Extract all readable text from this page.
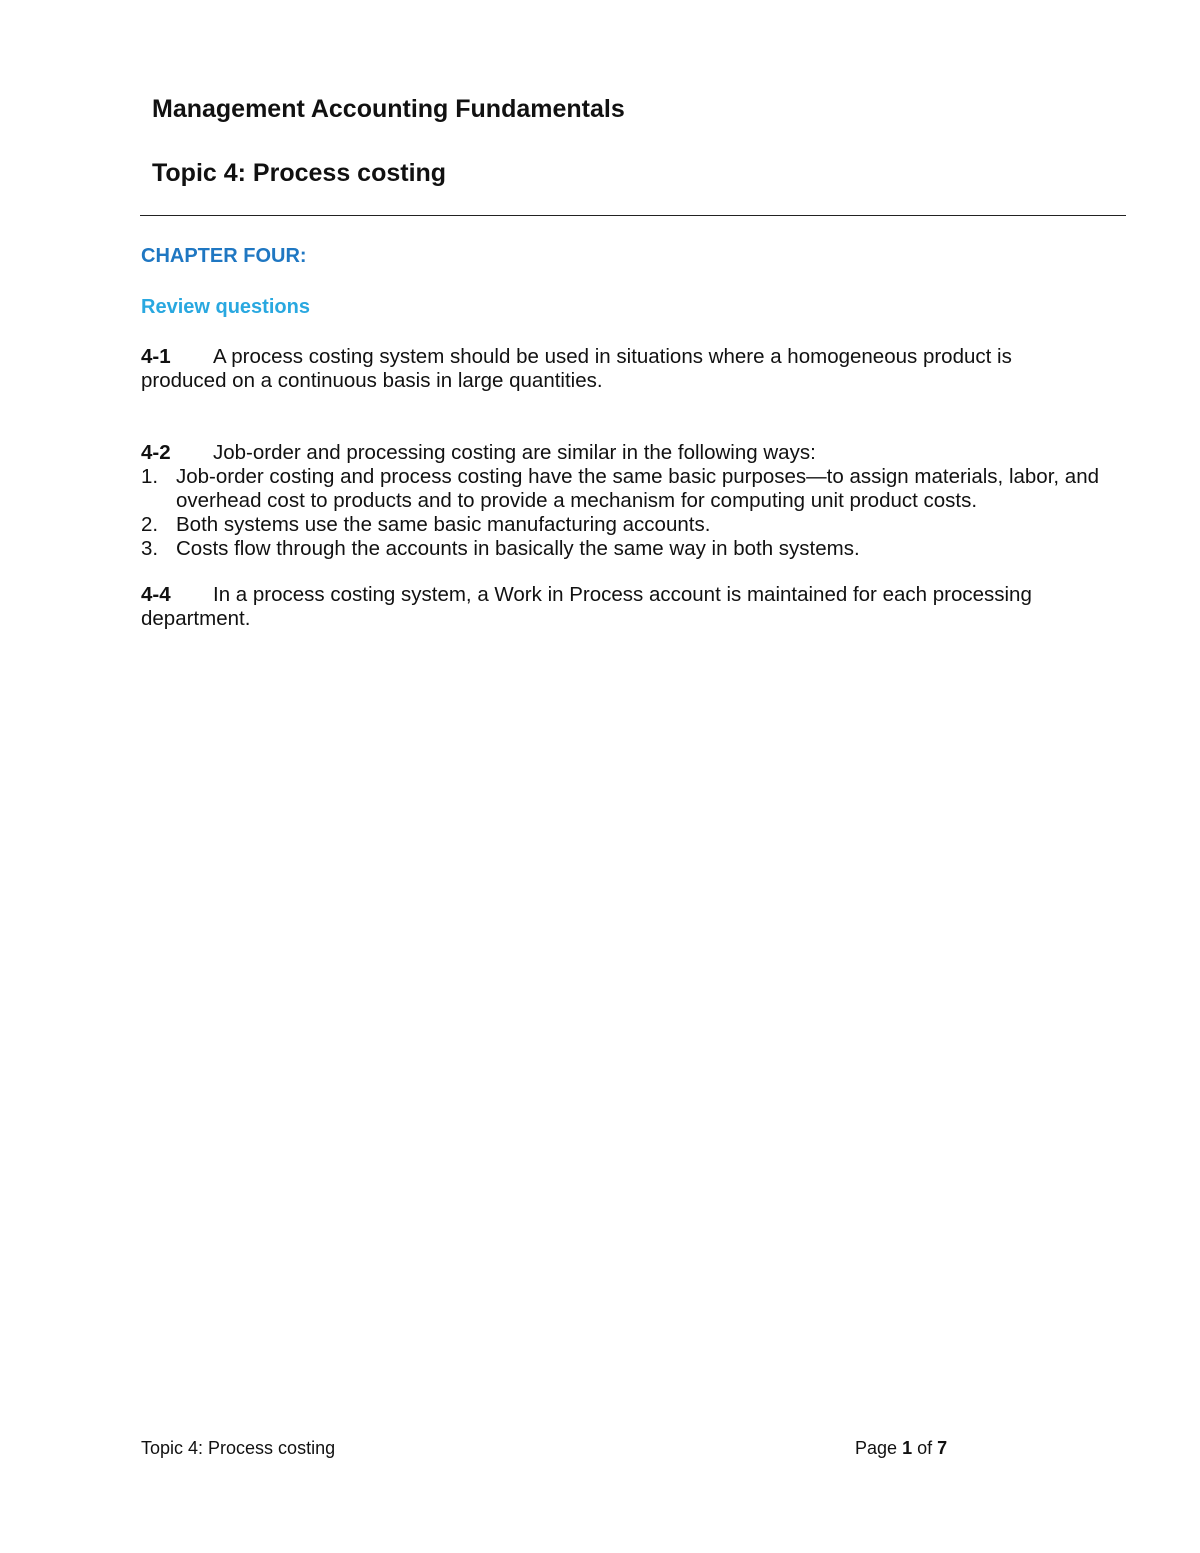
Management Accounting Fundamentals
Topic 4: Process costing
CHAPTER FOUR:
Review questions

4-1 A process costing system should be used in situations where a homogeneous product is produced on a continuous basis in large quantities.

4-2 Job-order and processing costing are similar in the following ways:

1. Job-order costing and process costing have the same basic purposes—to assign materials, labor, and overhead cost to products and to provide a mechanism for computing unit product costs.
2. Both systems use the same basic manufacturing accounts.
3. Costs flow through the accounts in basically the same way in both systems.

4-4 In a process costing system, a Work in Process account is maintained for each processing department.

Topic 4: Process costing	Page 1 of 7
